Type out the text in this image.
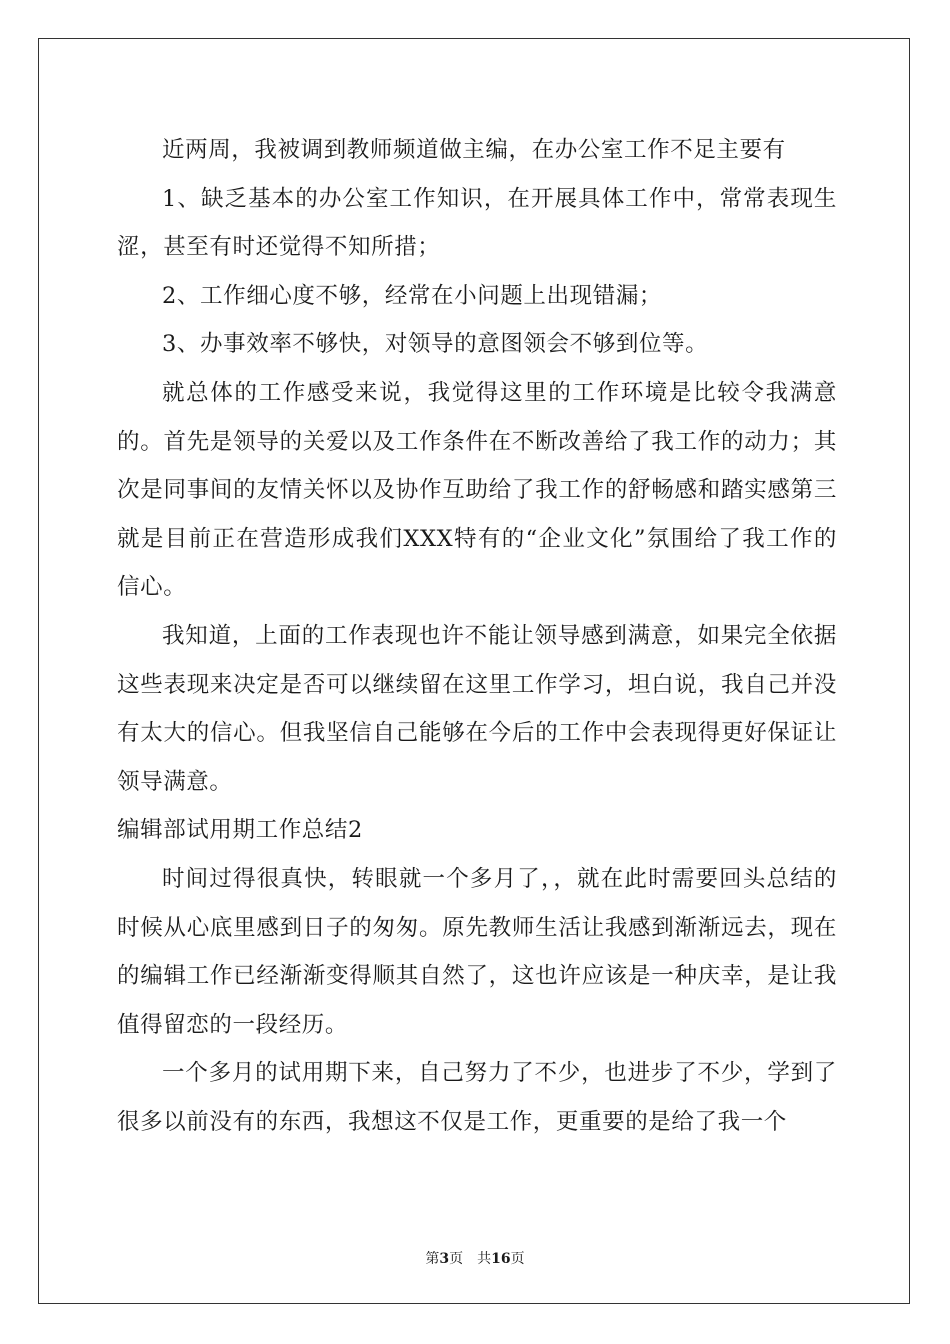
近两周，我被调到教师频道做主编，在办公室工作不足主要有

1、缺乏基本的办公室工作知识，在开展具体工作中，常常表现生涩，甚至有时还觉得不知所措；

2、工作细心度不够，经常在小问题上出现错漏；

3、办事效率不够快，对领导的意图领会不够到位等。

就总体的工作感受来说，我觉得这里的工作环境是比较令我满意的。首先是领导的关爱以及工作条件在不断改善给了我工作的动力；其次是同事间的友情关怀以及协作互助给了我工作的舒畅感和踏实感第三就是目前正在营造形成我们XXX特有的“企业文化”氛围给了我工作的信心。

我知道，上面的工作表现也许不能让领导感到满意，如果完全依据这些表现来决定是否可以继续留在这里工作学习，坦白说，我自己并没有太大的信心。但我坚信自己能够在今后的工作中会表现得更好保证让领导满意。

编辑部试用期工作总结2

时间过得很真快，转眼就一个多月了，，就在此时需要回头总结的时候从心底里感到日子的匆匆。原先教师生活让我感到渐渐远去，现在的编辑工作已经渐渐变得顺其自然了，这也许应该是一种庆幸，是让我值得留恋的一段经历。

一个多月的试用期下来，自己努力了不少，也进步了不少，学到了很多以前没有的东西，我想这不仅是工作，更重要的是给了我一个

第3页 共16页
